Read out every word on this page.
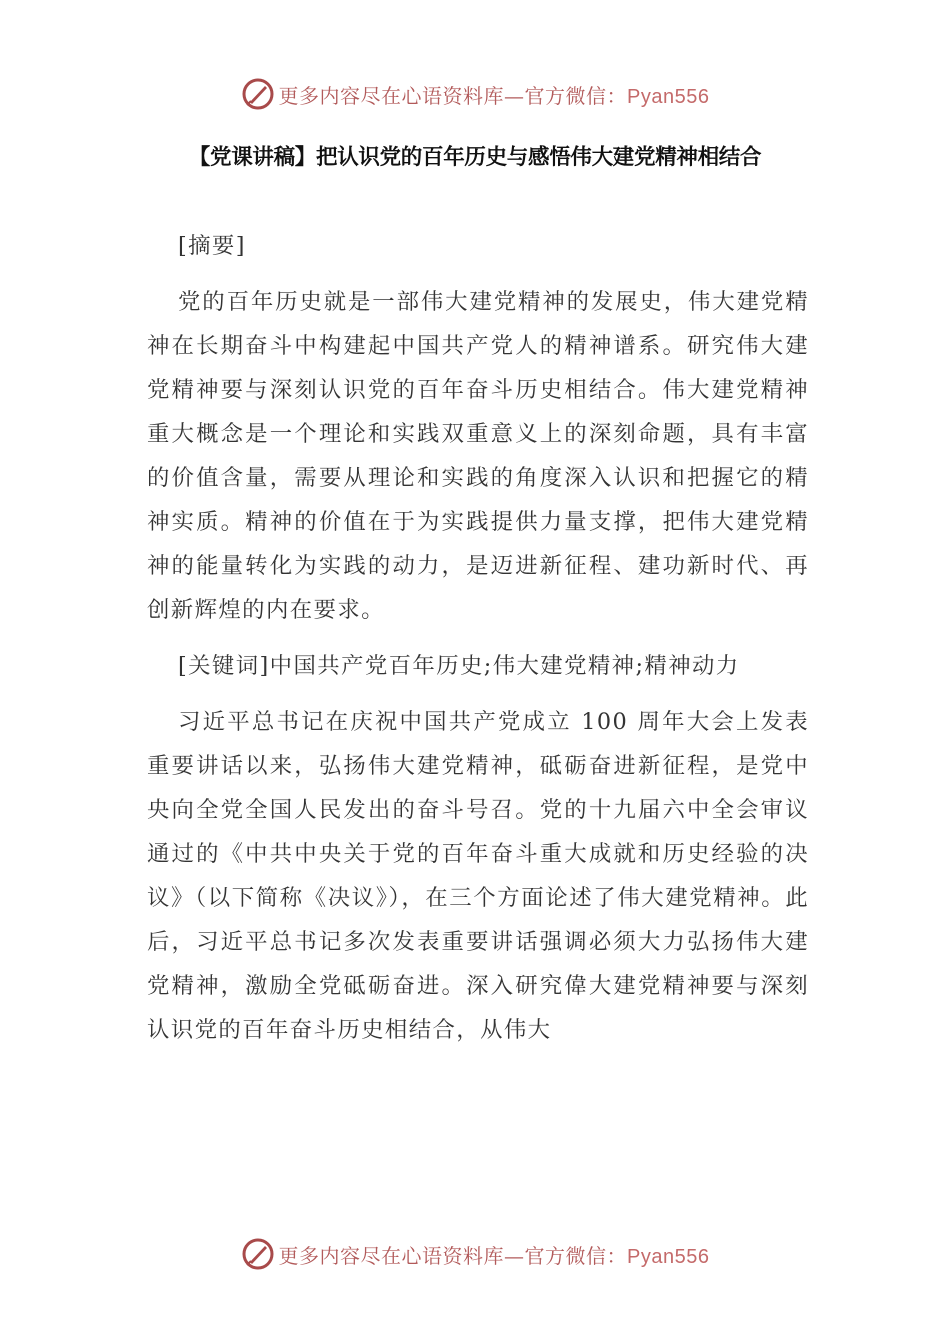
更多内容尽在心语资料库—官方微信：Pyan556
【党课讲稿】把认识党的百年历史与感悟伟大建党精神相结合

[摘要]

党的百年历史就是一部伟大建党精神的发展史，伟大建党精神在长期奋斗中构建起中国共产党人的精神谱系。研究伟大建党精神要与深刻认识党的百年奋斗历史相结合。伟大建党精神重大概念是一个理论和实践双重意义上的深刻命题，具有丰富的价值含量，需要从理论和实践的角度深入认识和把握它的精神实质。精神的价值在于为实践提供力量支撑，把伟大建党精神的能量转化为实践的动力，是迈进新征程、建功新时代、再创新辉煌的内在要求。

[关键词]中国共产党百年历史;伟大建党精神;精神动力

习近平总书记在庆祝中国共产党成立 100 周年大会上发表重要讲话以来，弘扬伟大建党精神，砥砺奋进新征程，是党中央向全党全国人民发出的奋斗号召。党的十九届六中全会审议通过的《中共中央关于党的百年奋斗重大成就和历史经验的决议》（以下简称《决议》），在三个方面论述了伟大建党精神。此后，习近平总书记多次发表重要讲话强调必须大力弘扬伟大建党精神，激励全党砥砺奋进。深入研究偉大建党精神要与深刻认识党的百年奋斗历史相结合，从伟大

更多内容尽在心语资料库—官方微信：Pyan556
